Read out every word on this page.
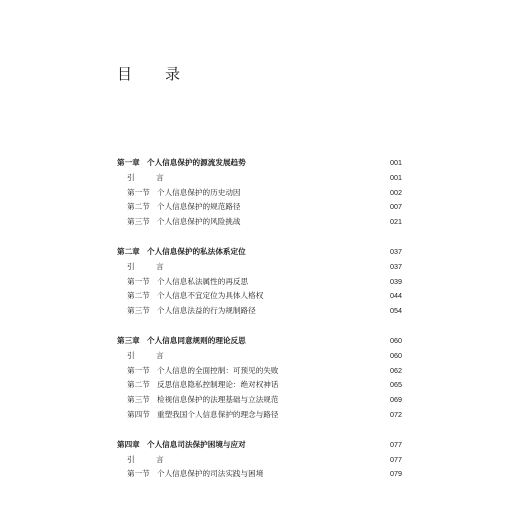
目　录
第一章 个人信息保护的源流发展趋势	001
引　言	001
第一节 个人信息保护的历史动因	002
第二节 个人信息保护的规范路径	007
第三节 个人信息保护的风险挑战	021
第二章 个人信息保护的私法体系定位	037
引　言	037
第一节 个人信息私法属性的再反思	039
第二节 个人信息不宜定位为具体人格权	044
第三节 个人信息法益的行为规制路径	054
第三章 个人信息同意规则的理论反思	060
引　言	060
第一节 个人信息的全面控制：可预见的失败	062
第二节 反思信息隐私控制理论：绝对权神话	065
第三节 检视信息保护的法理基础与立法规范	069
第四节 重塑我国个人信息保护的理念与路径	072
第四章 个人信息司法保护困境与应对	077
引　言	077
第一节 个人信息保护的司法实践与困境	079
